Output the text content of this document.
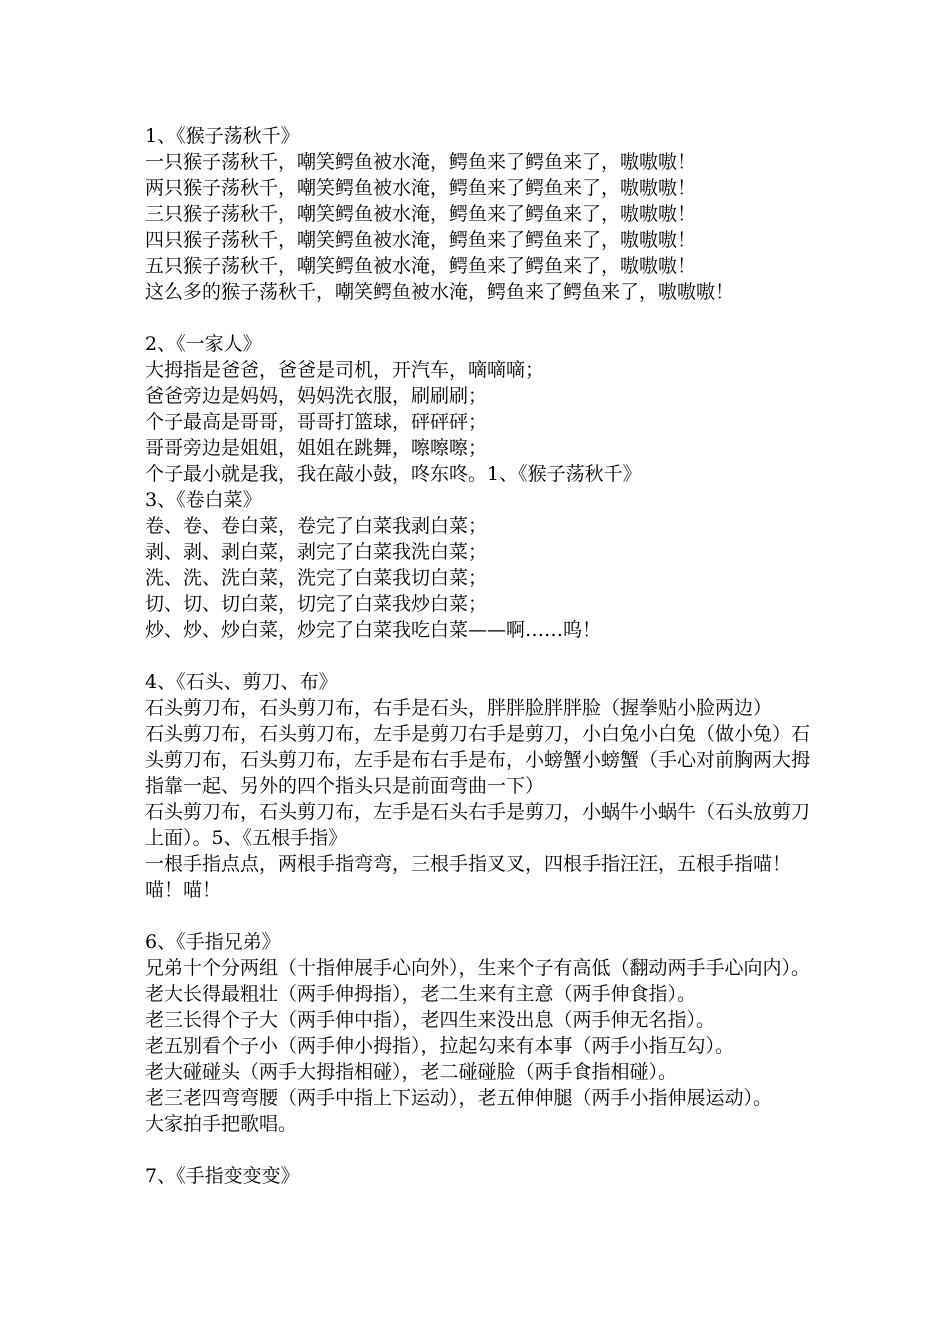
1、《猴子荡秋千》
一只猴子荡秋千，嘲笑鳄鱼被水淹，鳄鱼来了鳄鱼来了，嗷嗷嗷！
两只猴子荡秋千，嘲笑鳄鱼被水淹，鳄鱼来了鳄鱼来了，嗷嗷嗷！
三只猴子荡秋千，嘲笑鳄鱼被水淹，鳄鱼来了鳄鱼来了，嗷嗷嗷！
四只猴子荡秋千，嘲笑鳄鱼被水淹，鳄鱼来了鳄鱼来了，嗷嗷嗷！
五只猴子荡秋千，嘲笑鳄鱼被水淹，鳄鱼来了鳄鱼来了，嗷嗷嗷！
这么多的猴子荡秋千，嘲笑鳄鱼被水淹，鳄鱼来了鳄鱼来了，嗷嗷嗷！
2、《一家人》
大拇指是爸爸，爸爸是司机，开汽车，嘀嘀嘀；
爸爸旁边是妈妈，妈妈洗衣服，刷刷刷；
个子最高是哥哥，哥哥打篮球，砰砰砰；
哥哥旁边是姐姐，姐姐在跳舞，嚓嚓嚓；
个子最小就是我，我在敲小鼓，咚东咚。1、《猴子荡秋千》
3、《卷白菜》
卷、卷、卷白菜，卷完了白菜我剥白菜；
剥、剥、剥白菜，剥完了白菜我洗白菜；
洗、洗、洗白菜，洗完了白菜我切白菜；
切、切、切白菜，切完了白菜我炒白菜；
炒、炒、炒白菜，炒完了白菜我吃白菜——啊……呜！
4、《石头、剪刀、布》
石头剪刀布，石头剪刀布，右手是石头，胖胖脸胖胖脸（握拳贴小脸两边）
石头剪刀布，石头剪刀布，左手是剪刀右手是剪刀，小白兔小白兔（做小兔）石头剪刀布，石头剪刀布，左手是布右手是布，小螃蟹小螃蟹（手心对前胸两大拇指靠一起、另外的四个指头只是前面弯曲一下）
石头剪刀布，石头剪刀布，左手是石头右手是剪刀，小蜗牛小蜗牛（石头放剪刀上面）。5、《五根手指》
一根手指点点，两根手指弯弯，三根手指叉叉，四根手指汪汪，五根手指喵！喵！喵！
6、《手指兄弟》
兄弟十个分两组（十指伸展手心向外），生来个子有高低（翻动两手手心向内）。
老大长得最粗壮（两手伸拇指），老二生来有主意（两手伸食指）。
老三长得个子大（两手伸中指），老四生来没出息（两手伸无名指）。
老五别看个子小（两手伸小拇指），拉起勾来有本事（两手小指互勾）。
老大碰碰头（两手大拇指相碰），老二碰碰脸（两手食指相碰）。
老三老四弯弯腰（两手中指上下运动），老五伸伸腿（两手小指伸展运动）。
大家拍手把歌唱。
7、《手指变变变》
